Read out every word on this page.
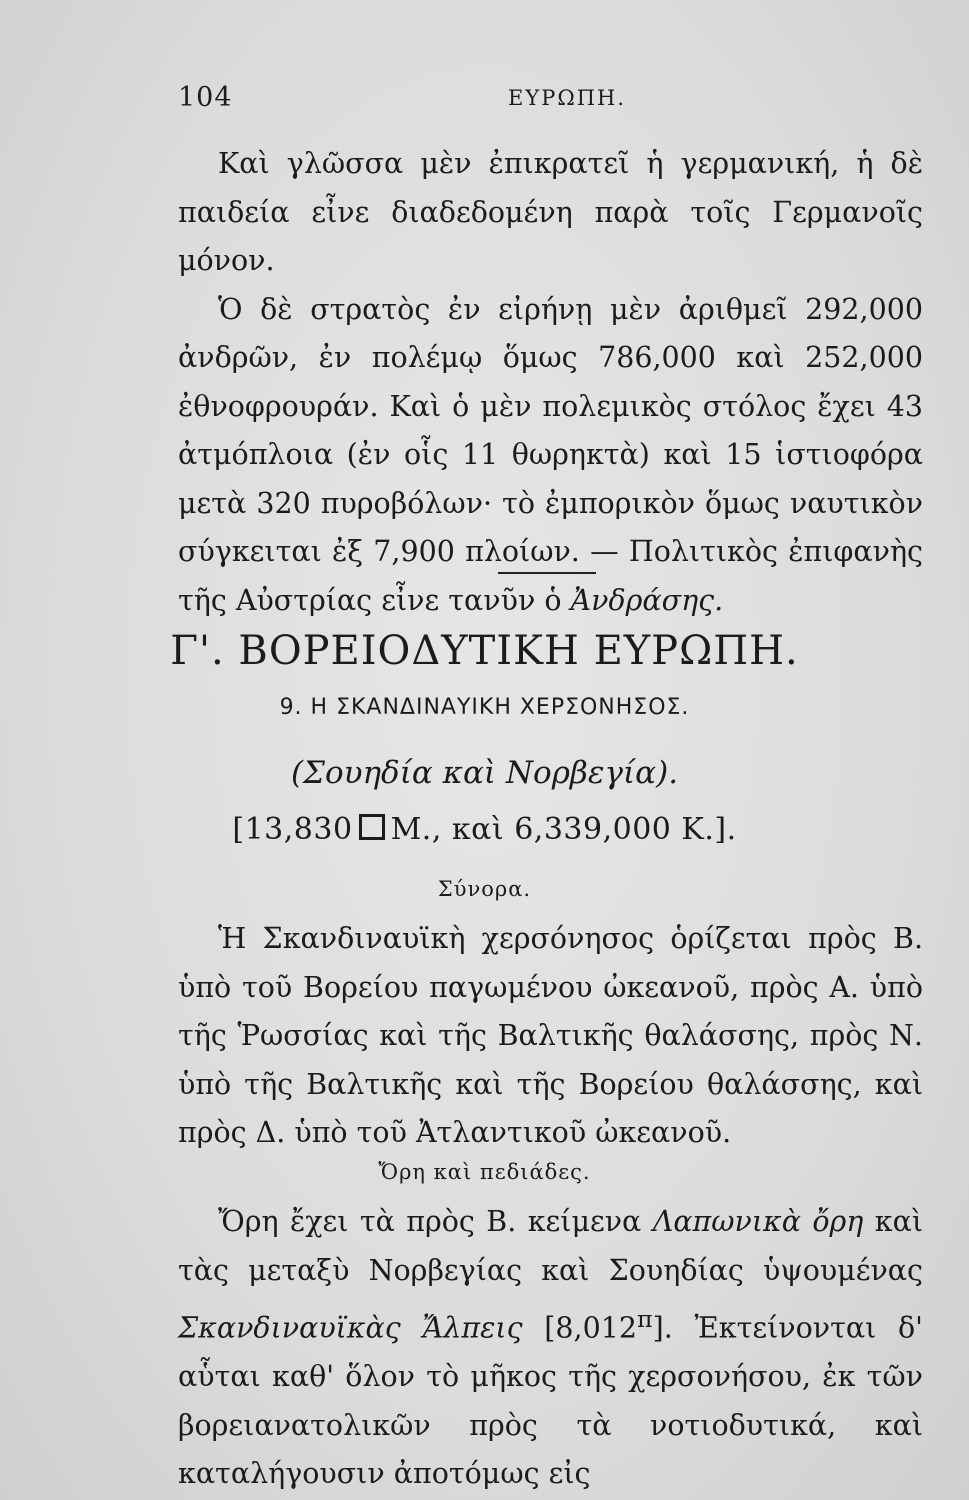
104	ΕΥΡΩΠΗ.

Καὶ γλῶσσα μὲν ἐπικρατεῖ ἡ γερμανική, ἡ δὲ παιδεία εἶνε διαδεδομένη παρὰ τοῖς Γερμανοῖς μόνον.

Ὁ δὲ στρατὸς ἐν εἰρήνῃ μὲν ἀριθμεῖ 292,000 ἀνδρῶν, ἐν πολέμῳ ὅμως 786,000 καὶ 252,000 ἐθνοφρουράν. Καὶ ὁ μὲν πολεμικὸς στόλος ἔχει 43 ἀτμόπλοια (ἐν οἷς 11 θωρηκτὰ) καὶ 15 ἱστιοφόρα μετὰ 320 πυροβόλων· τὸ ἐμπορικὸν ὅμως ναυτικὸν σύγκειται ἐξ 7,900 πλοίων. — Πολιτικὸς ἐπιφανὴς τῆς Αὐστρίας εἶνε τανῦν ὁ Ἀνδράσης.

Γ'. ΒΟΡΕΙΟΔΥΤΙΚΗ ΕΥΡΩΠΗ.
9. Η ΣΚΑΝΔΙΝΑΥΙΚΗ ΧΕΡΣΟΝΗΣΟΣ.
(Σουηδία καὶ Νορβεγία).
[13,830 Μ., καὶ 6,339,000 Κ.].
Σύνορα.

Ἡ Σκανδιναυϊκὴ χερσόνησος ὁρίζεται πρὸς Β. ὑπὸ τοῦ Βορείου παγωμένου ὠκεανοῦ, πρὸς Α. ὑπὸ τῆς Ῥωσσίας καὶ τῆς Βαλτικῆς θαλάσσης, πρὸς Ν. ὑπὸ τῆς Βαλτικῆς καὶ τῆς Βορείου θαλάσσης, καὶ πρὸς Δ. ὑπὸ τοῦ Ἀτλαντικοῦ ὠκεανοῦ.

Ὄρη καὶ πεδιάδες.

Ὄρη ἔχει τὰ πρὸς Β. κείμενα Λαπωνικὰ ὄρη καὶ τὰς μεταξὺ Νορβεγίας καὶ Σουηδίας ὑψουμένας Σκανδιναυϊκὰς Ἄλπεις $[8,012^\pi]$. Ἐκτείνονται δ' αὗται καθ' ὅλον τὸ μῆκος τῆς χερσονήσου, ἐκ τῶν βορειανατολικῶν πρὸς τὰ νοτιοδυτικά, καὶ καταλήγουσιν ἀποτόμως εἰς
